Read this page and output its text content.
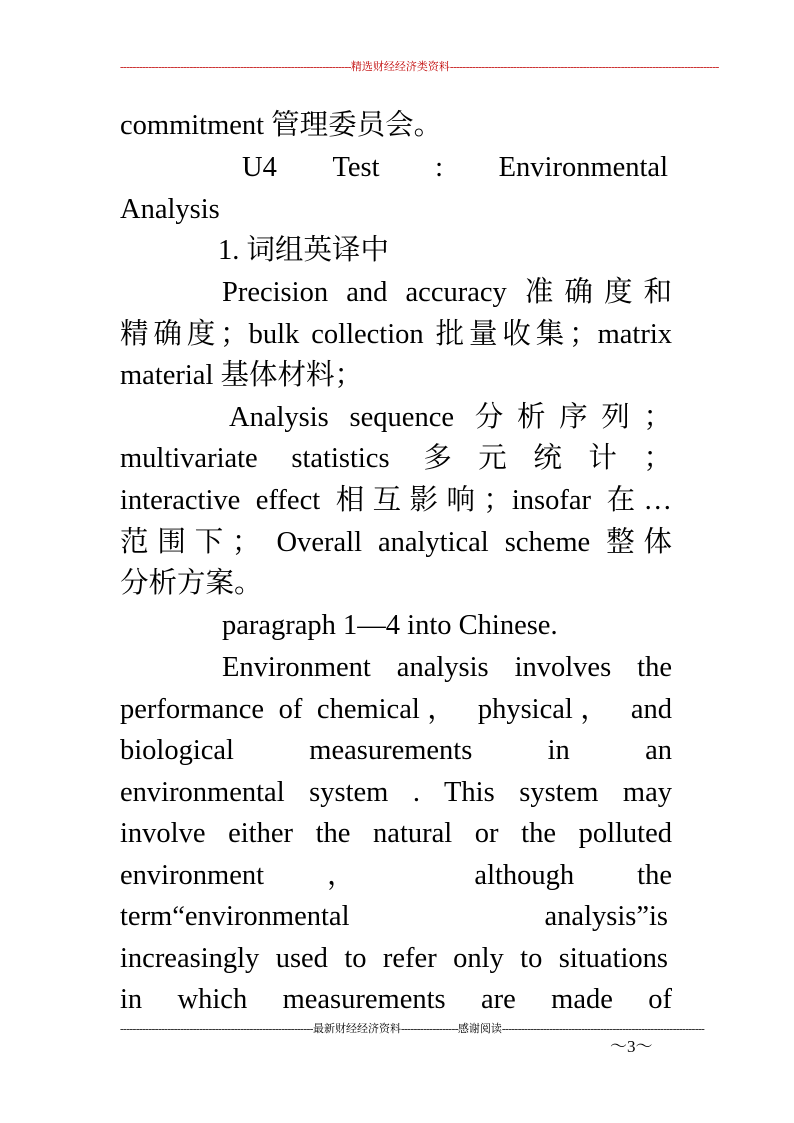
-------------------------------------------------------------------------精选财经经济类资料-------------------------------------------------------------------------------------
commitment 管理委员会。
U4 Test : Environmental
Analysis
1. 词组英译中
Precision and accuracy 准确度和
精确度；bulk collection 批量收集；matrix
material 基体材料；
Analysis sequence 分析序列；
multivariate statistics 多元统计；
interactive effect 相互影响；insofar 在…
范围下； Overall analytical scheme 整体
分析方案。
paragraph 1—4 into Chinese.
Environment analysis involves the
performance of chemical， physical， and
biological measurements in an
environmental system . This system may
involve either the natural or the polluted
environment ， although the
term“environmental analysis”is
increasingly used to refer only to situations
in which measurements are made of
-------------------------------------------------------------最新财经经济资料------------------感谢阅读----------------------------------------------------------------
～3～
